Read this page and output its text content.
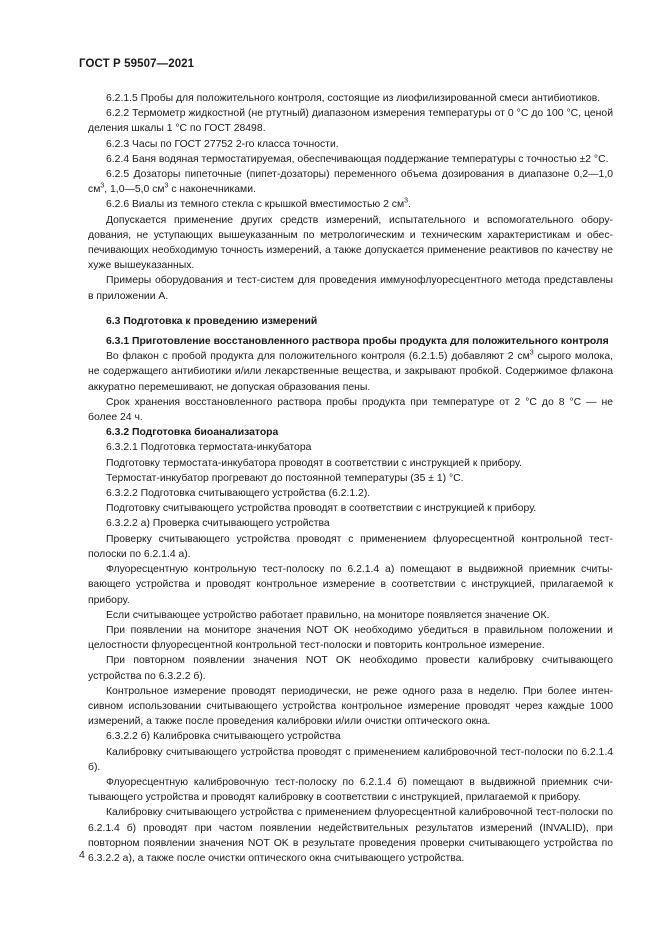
ГОСТ Р 59507—2021

6.2.1.5 Пробы для положительного контроля, состоящие из лиофилизированной смеси антибиотиков.

6.2.2 Термометр жидкостной (не ртутный) диапазоном измерения температуры от 0 °С до 100 °С, ценой деления шкалы 1 °С по ГОСТ 28498.

6.2.3 Часы по ГОСТ 27752 2-го класса точности.

6.2.4 Баня водяная термостатируемая, обеспечивающая поддержание температуры с точностью ±2 °С.

6.2.5 Дозаторы пипеточные (пипет-дозаторы) переменного объема дозирования в диапазоне 0,2—1,0 $см^3$, 1,0—5,0 $см^3$ с наконечниками.

6.2.6 Виалы из темного стекла с крышкой вместимостью 2 $см^3$.

Допускается применение других средств измерений, испытательного и вспомогательного оборудования, не уступающих вышеуказанным по метрологическим и техническим характеристикам и обеспечивающих необходимую точность измерений, а также допускается применение реактивов по качеству не хуже вышеуказанных.

Примеры оборудования и тест-систем для проведения иммунофлуоресцентного метода представлены в приложении А.

6.3 Подготовка к проведению измерений

6.3.1 Приготовление восстановленного раствора пробы продукта для положительного контроля

Во флакон с пробой продукта для положительного контроля (6.2.1.5) добавляют 2 $см^3$ сырого молока, не содержащего антибиотики и/или лекарственные вещества, и закрывают пробкой. Содержимое флакона аккуратно перемешивают, не допуская образования пены.

Срок хранения восстановленного раствора пробы продукта при температуре от 2 °С до 8 °С — не более 24 ч.

6.3.2 Подготовка биоанализатора

6.3.2.1 Подготовка термостата-инкубатора

Подготовку термостата-инкубатора проводят в соответствии с инструкцией к прибору.

Термостат-инкубатор прогревают до постоянной температуры (35 ± 1) °С.

6.3.2.2 Подготовка считывающего устройства (6.2.1.2).

Подготовку считывающего устройства проводят в соответствии с инструкцией к прибору.

6.3.2.2 а) Проверка считывающего устройства

Проверку считывающего устройства проводят с применением флуоресцентной контрольной тест-полоски по 6.2.1.4 а).

Флуоресцентную контрольную тест-полоску по 6.2.1.4 а) помещают в выдвижной приемник считывающего устройства и проводят контрольное измерение в соответствии с инструкцией, прилагаемой к прибору.

Если считывающее устройство работает правильно, на мониторе появляется значение ОК.

При появлении на мониторе значения NOT OK необходимо убедиться в правильном положении и целостности флуоресцентной контрольной тест-полоски и повторить контрольное измерение.

При повторном появлении значения NOT OK необходимо провести калибровку считывающего устройства по 6.3.2.2 б).

Контрольное измерение проводят периодически, не реже одного раза в неделю. При более интенсивном использовании считывающего устройства контрольное измерение проводят через каждые 1000 измерений, а также после проведения калибровки и/или очистки оптического окна.

6.3.2.2 б) Калибровка считывающего устройства

Калибровку считывающего устройства проводят с применением калибровочной тест-полоски по 6.2.1.4 б).

Флуоресцентную калибровочную тест-полоску по 6.2.1.4 б) помещают в выдвижной приемник считывающего устройства и проводят калибровку в соответствии с инструкцией, прилагаемой к прибору.

Калибровку считывающего устройства с применением флуоресцентной калибровочной тест-полоски по 6.2.1.4 б) проводят при частом появлении недействительных результатов измерений (INVALID), при повторном появлении значения NOT OK в результате проведения проверки считывающего устройства по 6.3.2.2 а), а также после очистки оптического окна считывающего устройства.

4
